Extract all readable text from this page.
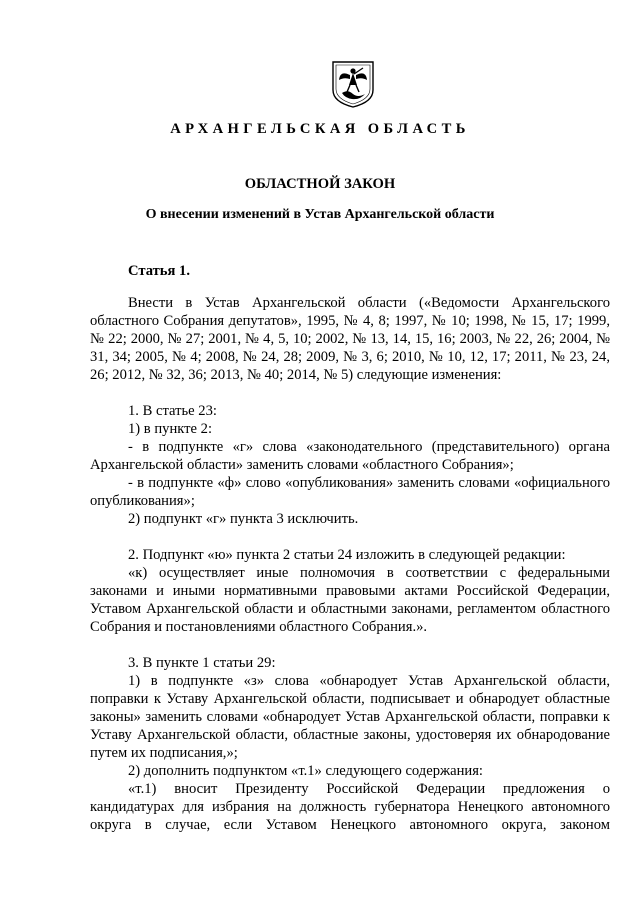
АРХАНГЕЛЬСКАЯ ОБЛАСТЬ
ОБЛАСТНОЙ ЗАКОН
О внесении изменений в Устав Архангельской области
Статья 1.

Внести в Устав Архангельской области («Ведомости Архангельского областного Собрания депутатов», 1995, № 4, 8; 1997, № 10; 1998, № 15, 17; 1999, № 22; 2000, № 27; 2001, № 4, 5, 10; 2002, № 13, 14, 15, 16; 2003, № 22, 26; 2004, № 31, 34; 2005, № 4; 2008, № 24, 28; 2009, № 3, 6; 2010, № 10, 12, 17; 2011, № 23, 24, 26; 2012, № 32, 36; 2013, № 40; 2014, № 5) следующие изменения:

1. В статье 23:

1) в пункте 2:

- в подпункте «г» слова «законодательного (представительного) органа Архангельской области» заменить словами «областного Собрания»;

- в подпункте «ф» слово «опубликования» заменить словами «официального опубликования»;

2) подпункт «г» пункта 3 исключить.

2. Подпункт «ю» пункта 2 статьи 24 изложить в следующей редакции:

«к) осуществляет иные полномочия в соответствии с федеральными законами и иными нормативными правовыми актами Российской Федерации, Уставом Архангельской области и областными законами, регламентом областного Собрания и постановлениями областного Собрания.».

3. В пункте 1 статьи 29:

1) в подпункте «з» слова «обнародует Устав Архангельской области, поправки к Уставу Архангельской области, подписывает и обнародует областные законы» заменить словами «обнародует Устав Архангельской области, поправки к Уставу Архангельской области, областные законы, удостоверяя их обнародование путем их подписания,»;

2) дополнить подпунктом «т.1» следующего содержания:

«т.1) вносит Президенту Российской Федерации предложения о кандидатурах для избрания на должность губернатора Ненецкого автономного округа в случае, если Уставом Ненецкого автономного округа, законом
